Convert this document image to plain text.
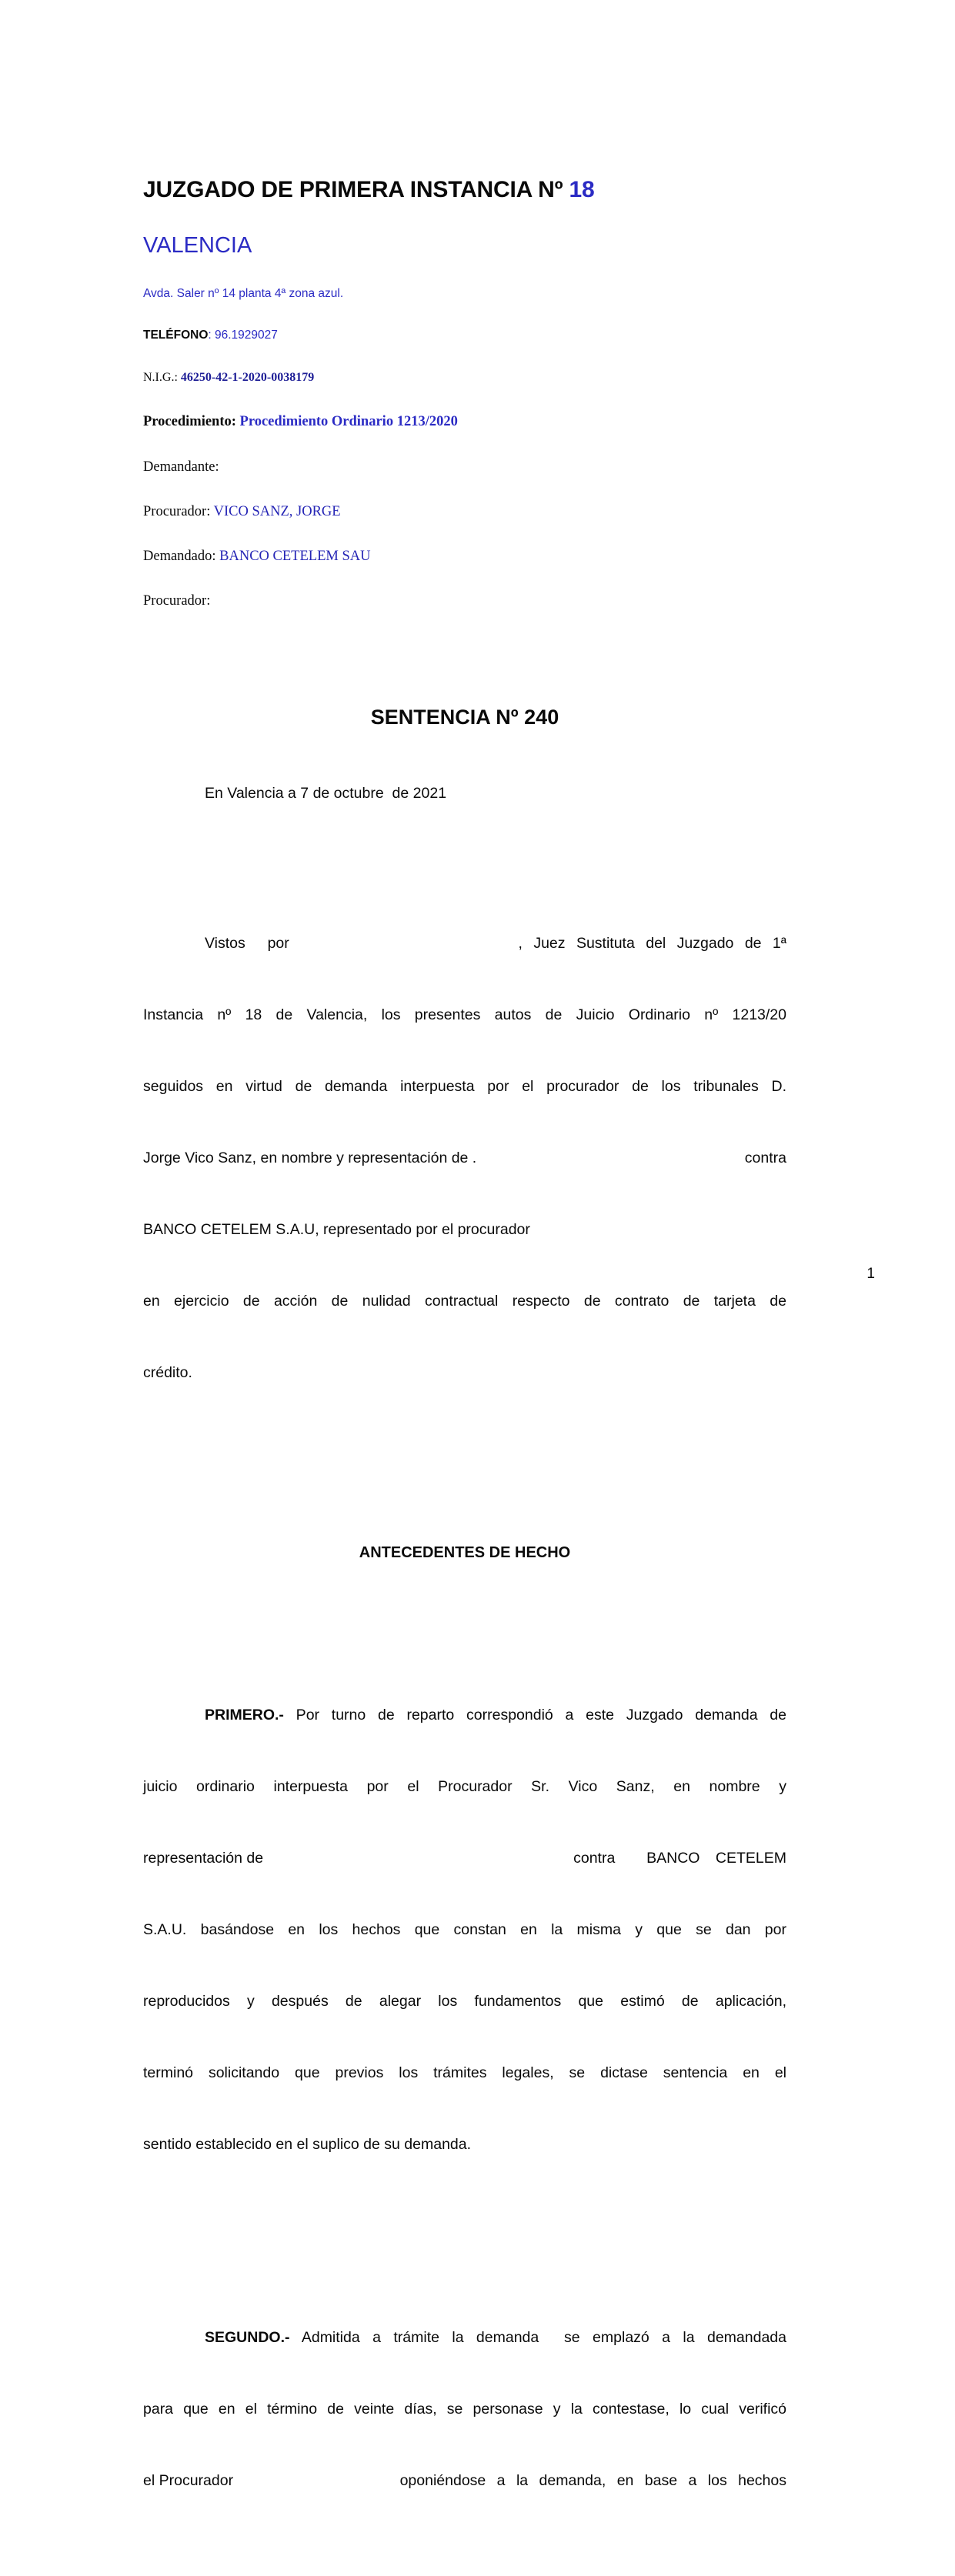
JUZGADO DE PRIMERA INSTANCIA Nº 18

VALENCIA

Avda. Saler nº 14 planta 4ª zona azul.

TELÉFONO: 96.1929027

N.I.G.: 46250-42-1-2020-0038179

Procedimiento: Procedimiento Ordinario 1213/2020

Demandante:

Procurador: VICO SANZ, JORGE

Demandado: BANCO CETELEM SAU

Procurador:

SENTENCIA Nº 240

En Valencia a 7 de octubre  de 2021

Vistos  por	, Juez Sustituta del Juzgado de 1ª

Instancia nº 18 de Valencia, los presentes autos de Juicio Ordinario nº 1213/20

seguidos en virtud de demanda interpuesta por el procurador de los tribunales D.

Jorge Vico Sanz, en nombre y representación de .	contra

BANCO CETELEM S.A.U, representado por el procurador

en ejercicio de acción de nulidad contractual respecto de contrato de tarjeta de

crédito.

ANTECEDENTES DE HECHO

PRIMERO.- Por turno de reparto correspondió a este Juzgado demanda de

juicio ordinario interpuesta por el Procurador Sr. Vico Sanz, en nombre y

representación de	contra  BANCO CETELEM

S.A.U. basándose en los hechos que constan en la misma y que se dan por

reproducidos y después de alegar los fundamentos que estimó de aplicación,

terminó solicitando que previos los trámites legales, se dictase sentencia en el

sentido establecido en el suplico de su demanda.

SEGUNDO.- Admitida a trámite la demanda  se emplazó a la demandada

para que en el término de veinte días, se personase y la contestase, lo cual verificó

el Procurador	oponiéndose a la demanda, en base a los hechos

1
